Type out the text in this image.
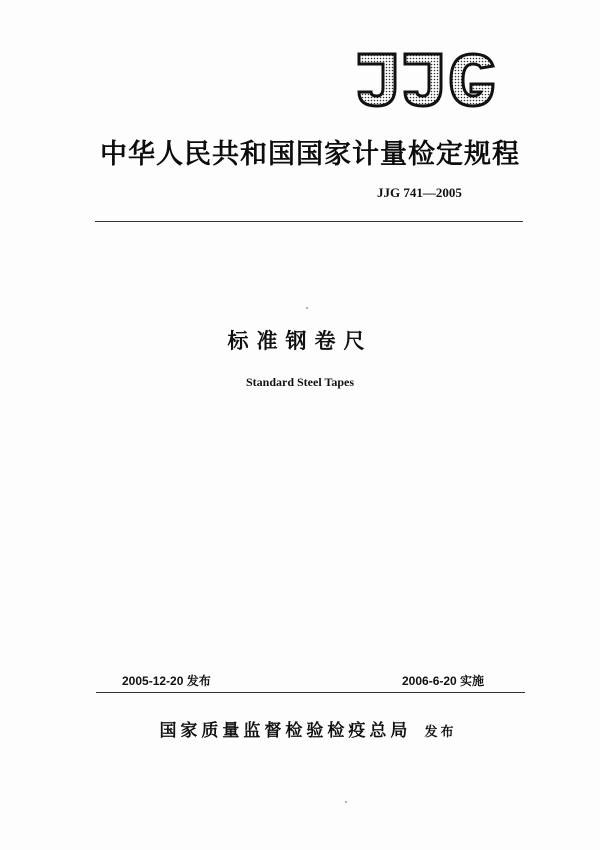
中华人民共和国国家计量检定规程
JJG 741—2005
标准钢卷尺
Standard Steel Tapes
2005-12-20 发布	2006-6-20 实施
国家质量监督检验检疫总局 发布
